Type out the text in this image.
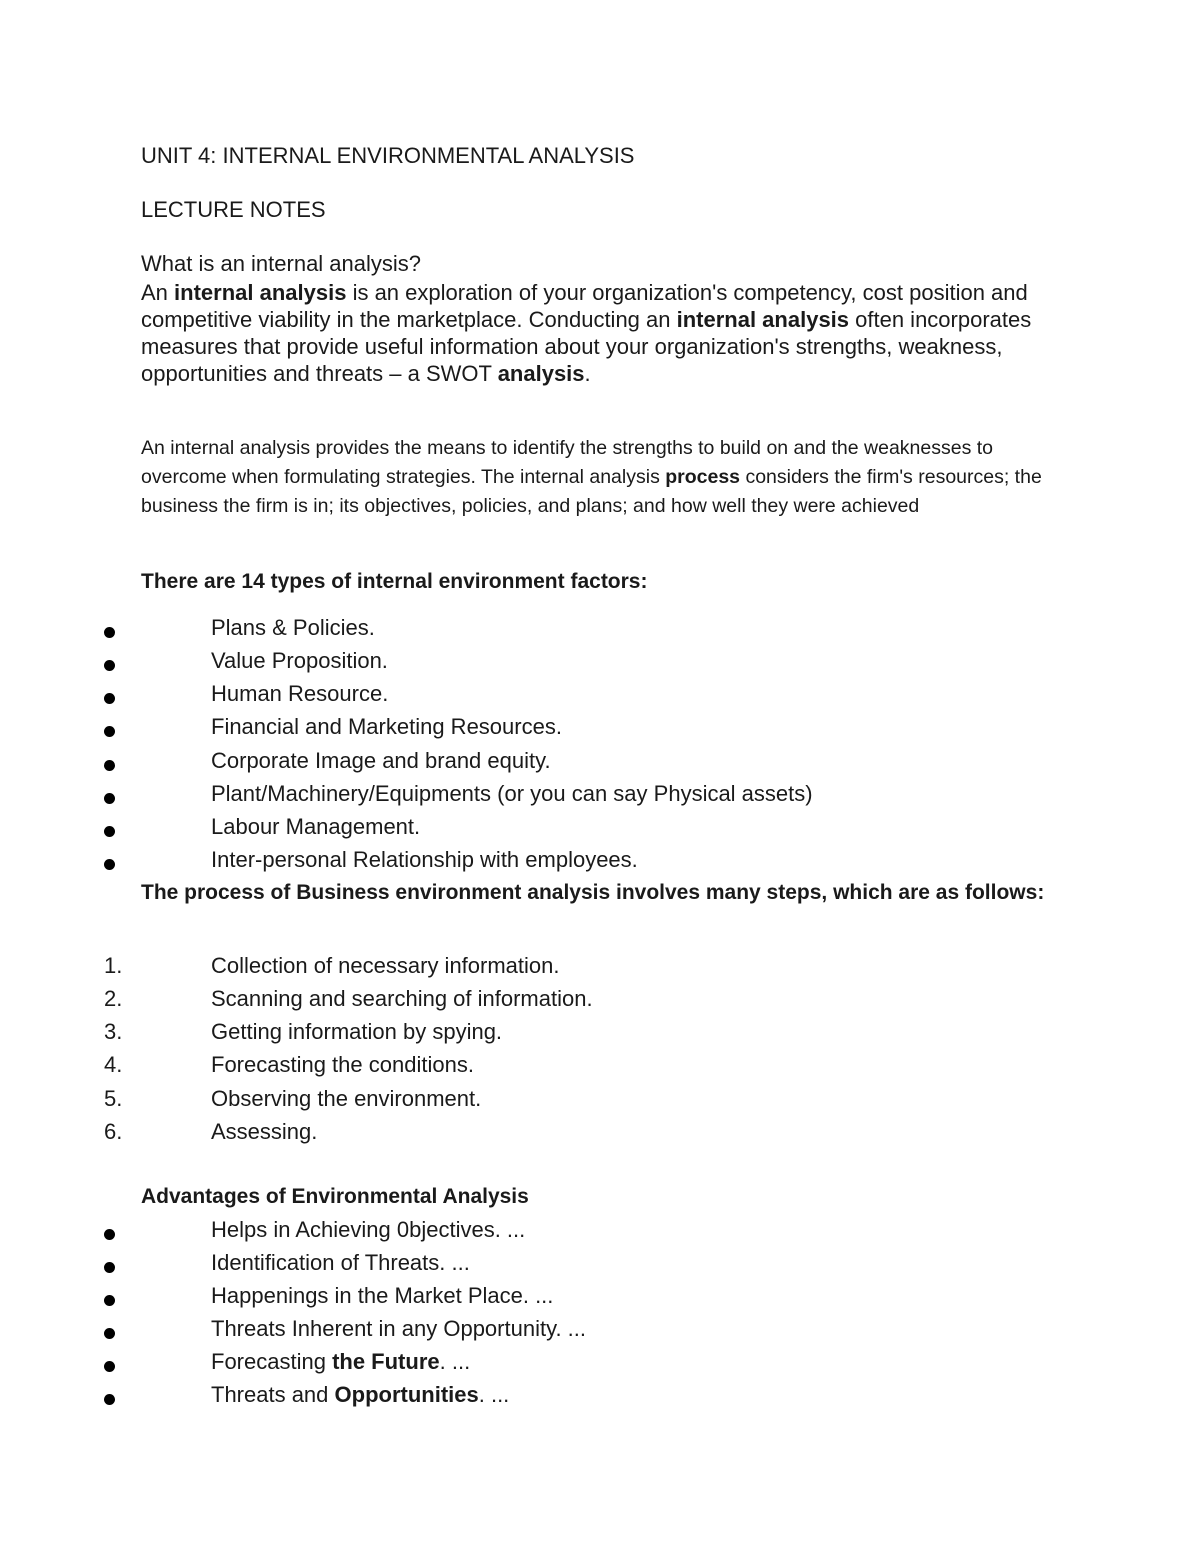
UNIT 4: INTERNAL ENVIRONMENTAL ANALYSIS
LECTURE NOTES
What is an internal analysis?

An internal analysis is an exploration of your organization's competency, cost position and competitive viability in the marketplace. Conducting an internal analysis often incorporates measures that provide useful information about your organization's strengths, weakness, opportunities and threats – a SWOT analysis.

An internal analysis provides the means to identify the strengths to build on and the weaknesses to overcome when formulating strategies. The internal analysis process considers the firm's resources; the business the firm is in; its objectives, policies, and plans; and how well they were achieved

There are 14 types of internal environment factors:
Plans & Policies.
Value Proposition.
Human Resource.
Financial and Marketing Resources.
Corporate Image and brand equity.
Plant/Machinery/Equipments (or you can say Physical assets)
Labour Management.
Inter-personal Relationship with employees.
The process of Business environment analysis involves many steps, which are as follows:
1.	Collection of necessary information.
2.	Scanning and searching of information.
3.	Getting information by spying.
4.	Forecasting the conditions.
5.	Observing the environment.
6.	Assessing.
Advantages of Environmental Analysis
Helps in Achieving 0bjectives. ...
Identification of Threats. ...
Happenings in the Market Place. ...
Threats Inherent in any Opportunity. ...
Forecasting the Future. ...
Threats and Opportunities. ...
